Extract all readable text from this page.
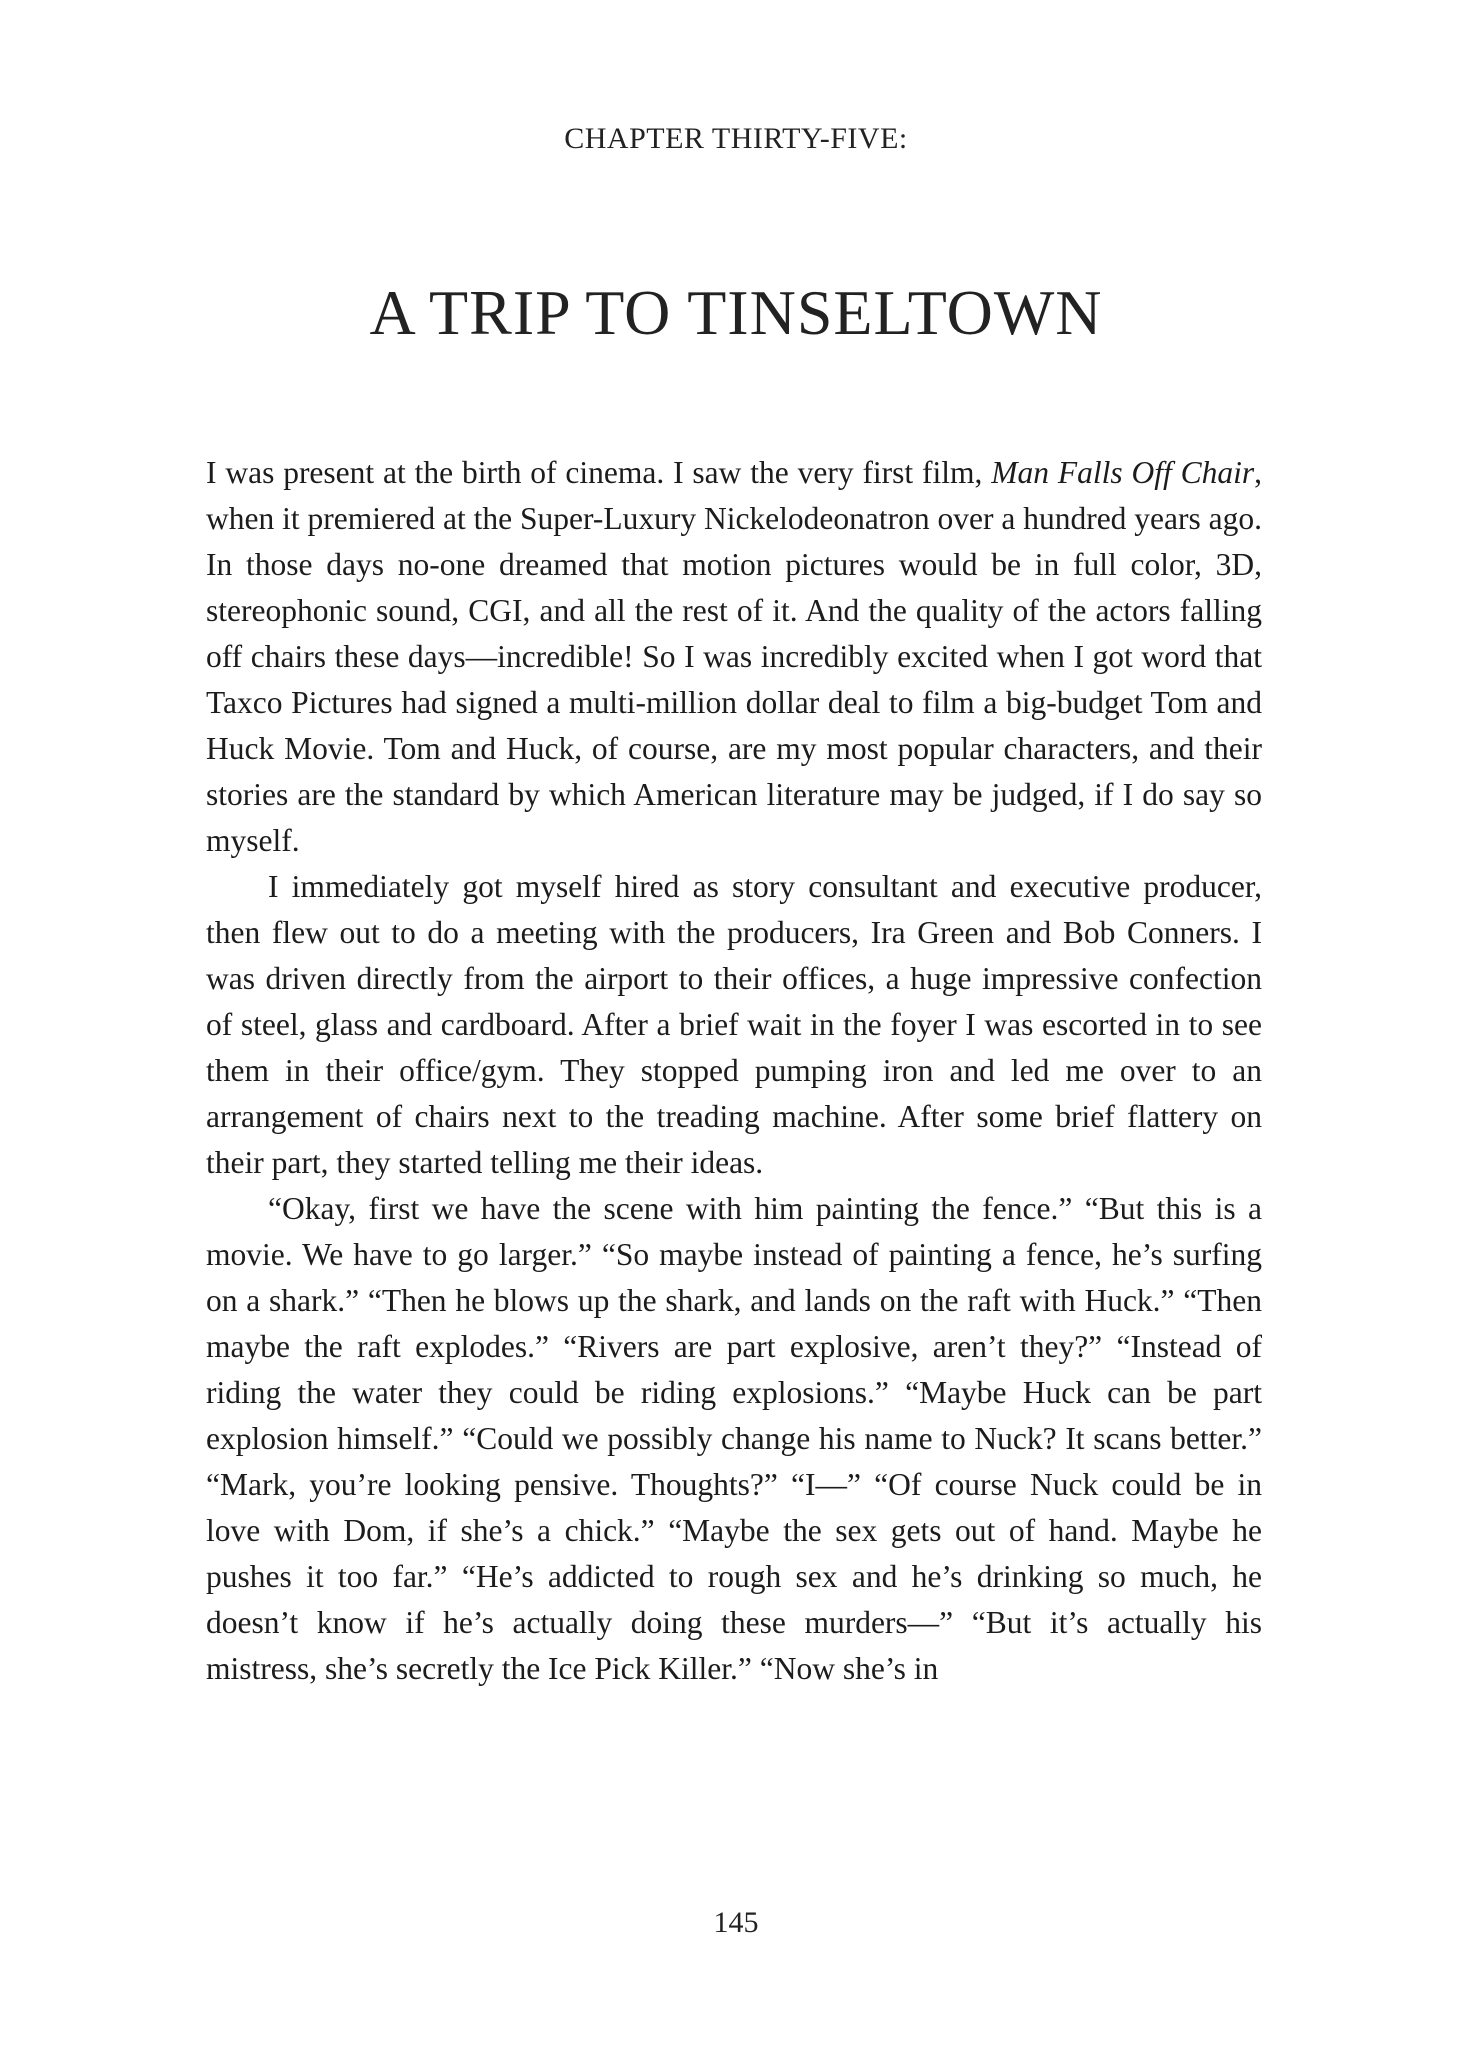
CHAPTER THIRTY-FIVE:
A TRIP TO TINSELTOWN

I was present at the birth of cinema. I saw the very first film, Man Falls Off Chair, when it premiered at the Super-Luxury Nickelodeonatron over a hundred years ago. In those days no-one dreamed that motion pictures would be in full color, 3D, stereophonic sound, CGI, and all the rest of it. And the quality of the actors falling off chairs these days—incredible! So I was incredibly excited when I got word that Taxco Pictures had signed a multi-million dollar deal to film a big-budget Tom and Huck Movie. Tom and Huck, of course, are my most popular characters, and their stories are the standard by which American literature may be judged, if I do say so myself.

I immediately got myself hired as story consultant and executive producer, then flew out to do a meeting with the producers, Ira Green and Bob Conners. I was driven directly from the airport to their offices, a huge impressive confection of steel, glass and cardboard. After a brief wait in the foyer I was escorted in to see them in their office/gym. They stopped pumping iron and led me over to an arrangement of chairs next to the treading machine. After some brief flattery on their part, they started telling me their ideas.

“Okay, first we have the scene with him painting the fence.” “But this is a movie. We have to go larger.” “So maybe instead of painting a fence, he’s surfing on a shark.” “Then he blows up the shark, and lands on the raft with Huck.” “Then maybe the raft explodes.” “Rivers are part explosive, aren’t they?” “Instead of riding the water they could be riding explosions.” “Maybe Huck can be part explosion himself.” “Could we possibly change his name to Nuck? It scans better.” “Mark, you’re looking pensive. Thoughts?” “I—” “Of course Nuck could be in love with Dom, if she’s a chick.” “Maybe the sex gets out of hand. Maybe he pushes it too far.” “He’s addicted to rough sex and he’s drinking so much, he doesn’t know if he’s actually doing these murders—” “But it’s actually his mistress, she’s secretly the Ice Pick Killer.” “Now she’s in

145
